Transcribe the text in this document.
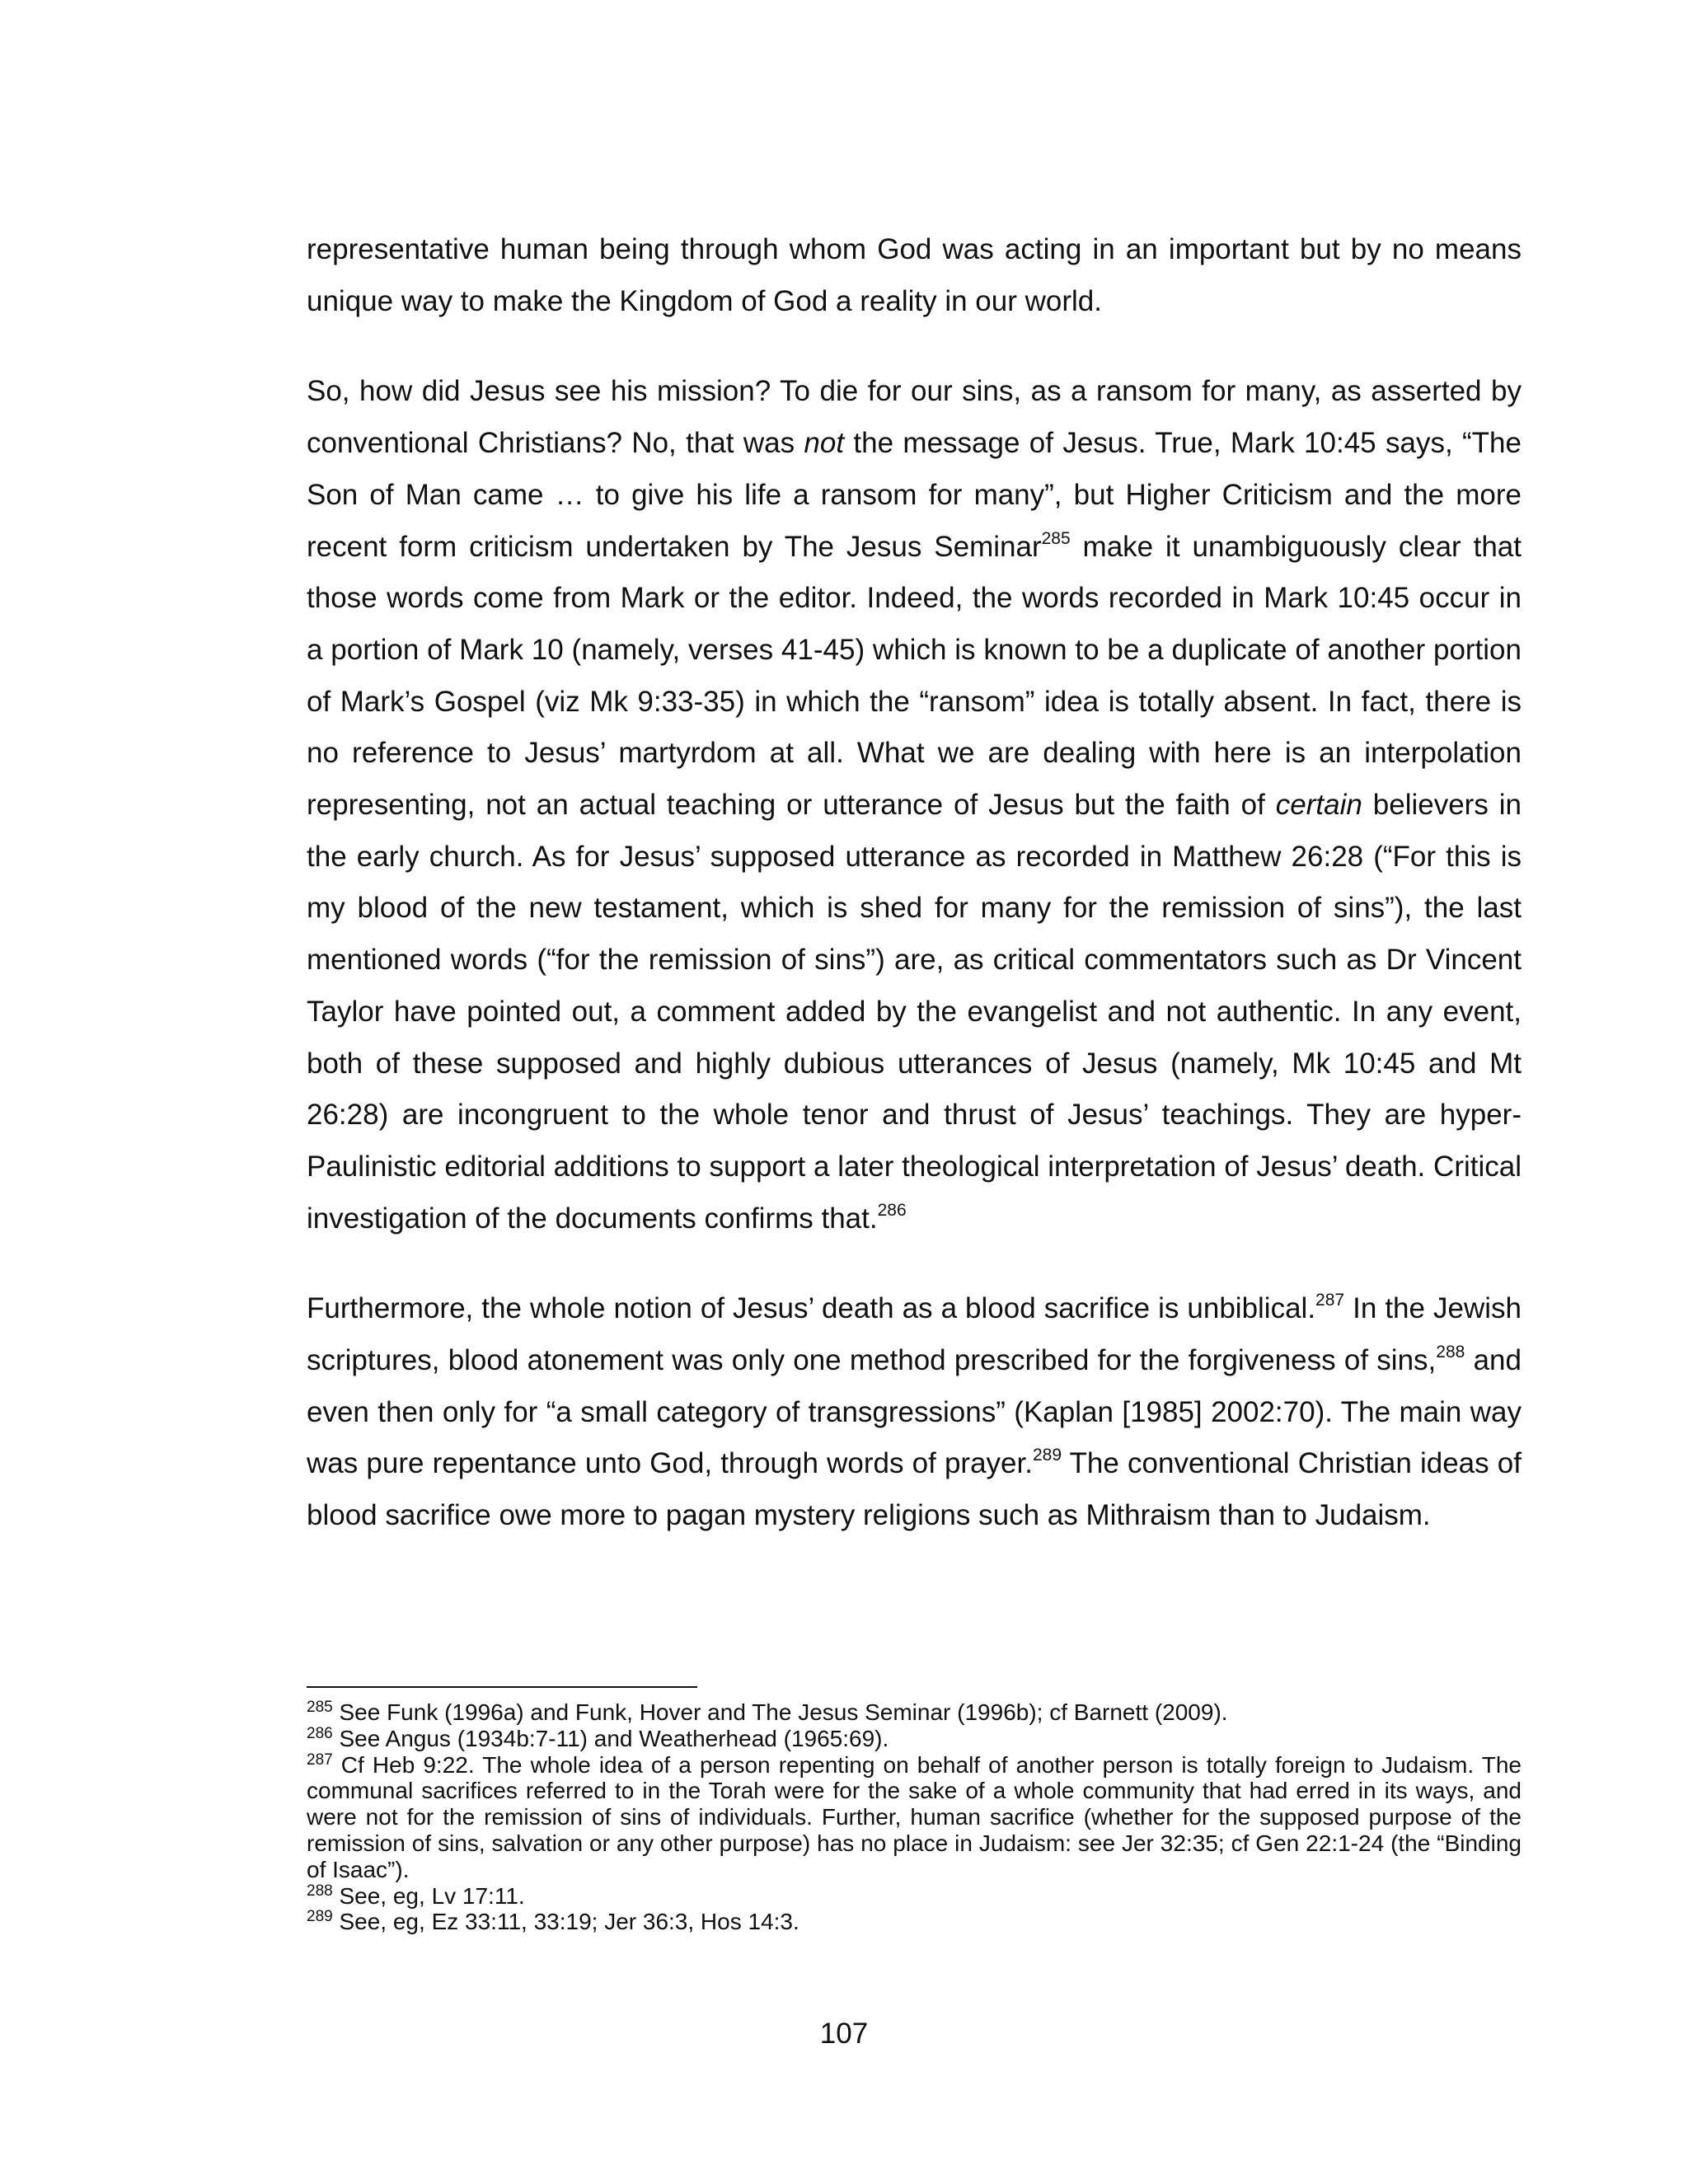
representative human being through whom God was acting in an important but by no means unique way to make the Kingdom of God a reality in our world.

So, how did Jesus see his mission? To die for our sins, as a ransom for many, as asserted by conventional Christians? No, that was not the message of Jesus. True, Mark 10:45 says, “The Son of Man came … to give his life a ransom for many”, but Higher Criticism and the more recent form criticism undertaken by The Jesus Seminar$^{285}$ make it unambiguously clear that those words come from Mark or the editor. Indeed, the words recorded in Mark 10:45 occur in a portion of Mark 10 (namely, verses 41-45) which is known to be a duplicate of another portion of Mark’s Gospel (viz Mk 9:33-35) in which the “ransom” idea is totally absent. In fact, there is no reference to Jesus’ martyrdom at all. What we are dealing with here is an interpolation representing, not an actual teaching or utterance of Jesus but the faith of certain believers in the early church. As for Jesus’ supposed utterance as recorded in Matthew 26:28 (“For this is my blood of the new testament, which is shed for many for the remission of sins”), the last mentioned words (“for the remission of sins”) are, as critical commentators such as Dr Vincent Taylor have pointed out, a comment added by the evangelist and not authentic. In any event, both of these supposed and highly dubious utterances of Jesus (namely, Mk 10:45 and Mt 26:28) are incongruent to the whole tenor and thrust of Jesus’ teachings. They are hyper-Paulinistic editorial additions to support a later theological interpretation of Jesus’ death. Critical investigation of the documents confirms that.$^{286}$

Furthermore, the whole notion of Jesus’ death as a blood sacrifice is unbiblical.$^{287}$ In the Jewish scriptures, blood atonement was only one method prescribed for the forgiveness of sins,$^{288}$ and even then only for “a small category of transgressions” (Kaplan [1985] 2002:70). The main way was pure repentance unto God, through words of prayer.$^{289}$ The conventional Christian ideas of blood sacrifice owe more to pagan mystery religions such as Mithraism than to Judaism.

$^{285}$ See Funk (1996a) and Funk, Hover and The Jesus Seminar (1996b); cf Barnett (2009).

$^{286}$ See Angus (1934b:7-11) and Weatherhead (1965:69).

$^{287}$ Cf Heb 9:22. The whole idea of a person repenting on behalf of another person is totally foreign to Judaism. The communal sacrifices referred to in the Torah were for the sake of a whole community that had erred in its ways, and were not for the remission of sins of individuals. Further, human sacrifice (whether for the supposed purpose of the remission of sins, salvation or any other purpose) has no place in Judaism: see Jer 32:35; cf Gen 22:1-24 (the “Binding of Isaac”).

$^{288}$ See, eg, Lv 17:11.

$^{289}$ See, eg, Ez 33:11, 33:19; Jer 36:3, Hos 14:3.

107
